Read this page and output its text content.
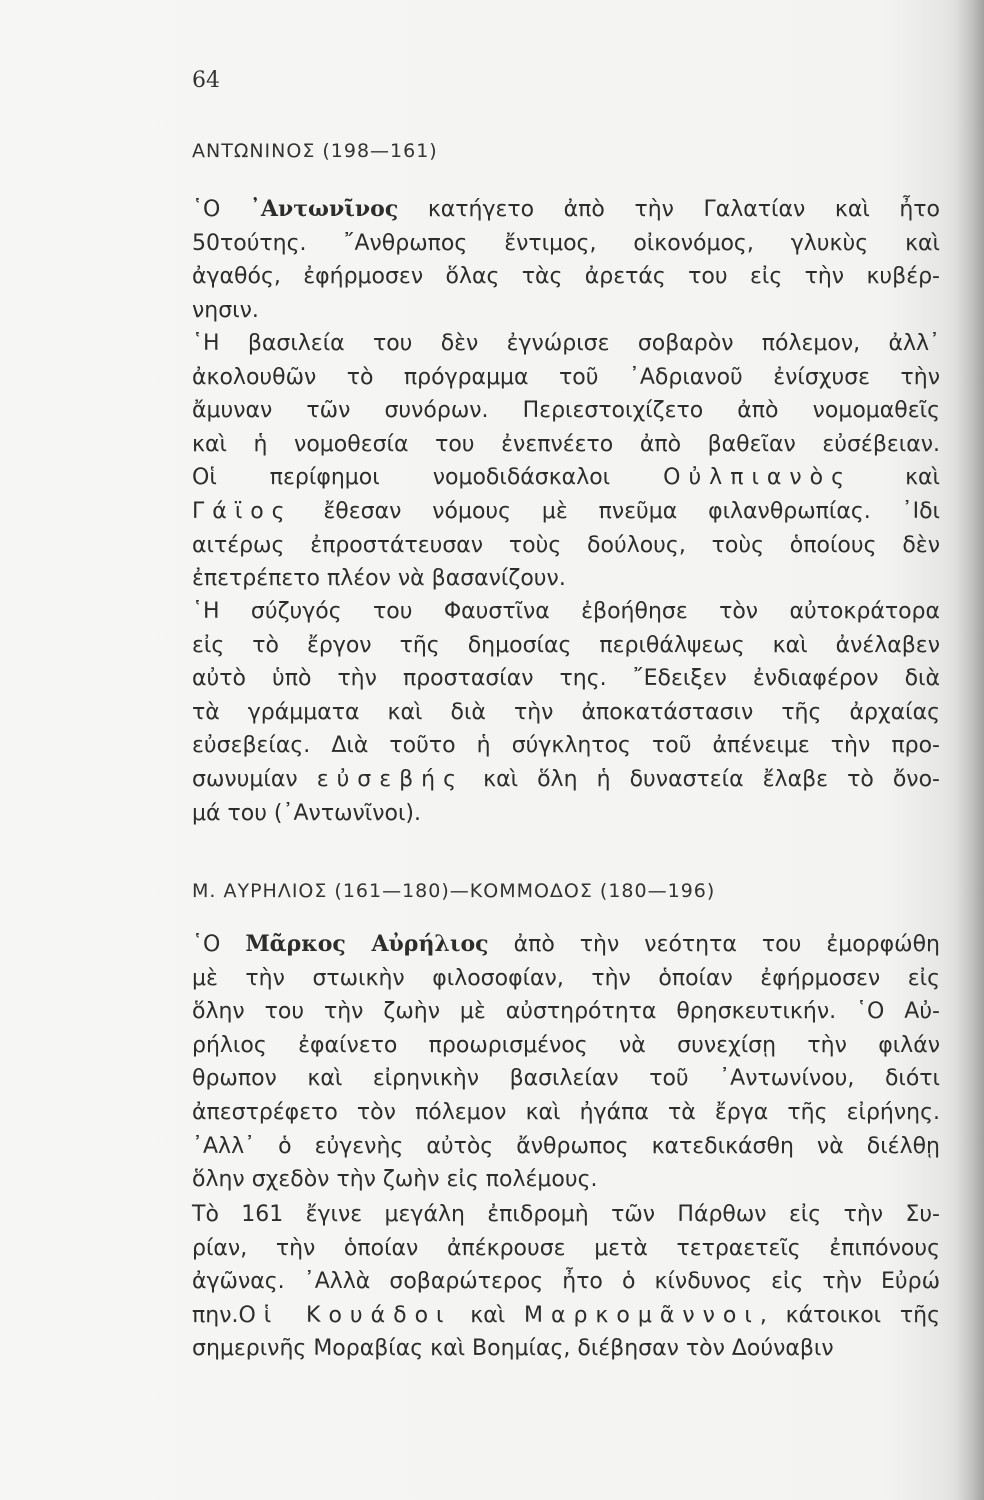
64
ΑΝΤΩΝΙΝΟΣ (198—161)
῾Ο ᾿Αντωνῖνος κατήγετο ἀπὸ τὴν Γαλατίαν καὶ ἦτο
50τούτης. ῎Ανθρωπος ἔντιμος, οἰκονόμος, γλυκὺς καὶ
ἀγαθός, ἐφήρμοσεν ὅλας τὰς ἀρετάς του εἰς τὴν κυβέρ-
νησιν.
῾Η βασιλεία του δὲν ἐγνώρισε σοβαρὸν πόλεμον, ἀλλ᾿
ἀκολουθῶν τὸ πρόγραμμα τοῦ ᾿Αδριανοῦ ἐνίσχυσε τὴν
ἄμυναν τῶν συνόρων. Περιεστοιχίζετο ἀπὸ νομομαθεῖς
καὶ ἡ νομοθεσία του ἐνεπνέετο ἀπὸ βαθεῖαν εὐσέβειαν.
Οἱ περίφημοι νομοδιδάσκαλοι Οὐλπιανὸς καὶ
Γάϊος ἔθεσαν νόμους μὲ πνεῦμα φιλανθρωπίας. ᾿Ιδι
αιτέρως ἐπροστάτευσαν τοὺς δούλους, τοὺς ὁποίους δὲν
ἐπετρέπετο πλέον νὰ βασανίζουν.
῾Η σύζυγός του Φαυστῖνα ἐβοήθησε τὸν αὐτοκράτορα
εἰς τὸ ἔργον τῆς δημοσίας περιθάλψεως καὶ ἀνέλαβεν
αὐτὸ ὑπὸ τὴν προστασίαν της. ῎Εδειξεν ἐνδιαφέρον διὰ
τὰ γράμματα καὶ διὰ τὴν ἀποκατάστασιν τῆς ἀρχαίας
εὐσεβείας. Διὰ τοῦτο ἡ σύγκλητος τοῦ ἀπένειμε τὴν προ-
σωνυμίαν εὐσεβής καὶ ὅλη ἡ δυναστεία ἔλαβε τὸ ὄνο-
μά του (᾿Αντωνῖνοι).
Μ. ΑΥΡΗΛΙΟΣ (161—180)—ΚΟΜΜΟΔΟΣ (180—196)
῾Ο Μᾶρκος Αὐρήλιος ἀπὸ τὴν νεότητα του ἐμορφώθη
μὲ τὴν στωικὴν φιλοσοφίαν, τὴν ὁποίαν ἐφήρμοσεν εἰς
ὅλην του τὴν ζωὴν μὲ αὐστηρότητα θρησκευτικήν. ῾Ο Αὐ-
ρήλιος ἐφαίνετο προωρισμένος νὰ συνεχίσῃ τὴν φιλάν
θρωπον καὶ εἰρηνικὴν βασιλείαν τοῦ ᾿Αντωνίνου, διότι
ἀπεστρέφετο τὸν πόλεμον καὶ ἠγάπα τὰ ἔργα τῆς εἰρήνης.
᾿Αλλ᾿ ὁ εὐγενὴς αὐτὸς ἄνθρωπος κατεδικάσθη νὰ διέλθῃ
ὅλην σχεδὸν τὴν ζωὴν εἰς πολέμους.
Τὸ 161 ἔγινε μεγάλη ἐπιδρομὴ τῶν Πάρθων εἰς τὴν Συ-
ρίαν, τὴν ὁποίαν ἀπέκρουσε μετὰ τετραετεῖς ἐπιπόνους
ἀγῶνας. ᾿Αλλὰ σοβαρώτερος ἦτο ὁ κίνδυνος εἰς τὴν Εὐρώ
πην.Οἱ Κουάδοι καὶ Μαρκομᾶννοι, κάτοικοι τῆς
σημερινῆς Μοραβίας καὶ Βοημίας, διέβησαν τὸν Δούναβιν
